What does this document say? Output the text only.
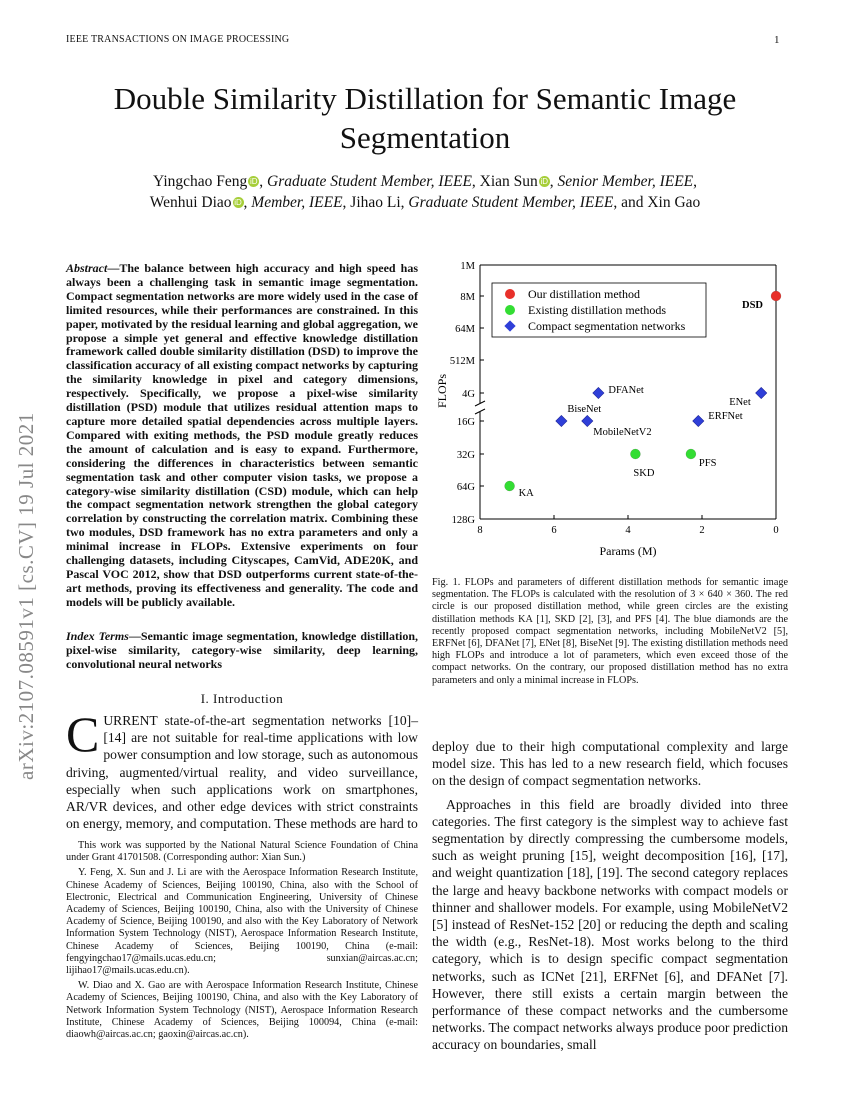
IEEE TRANSACTIONS ON IMAGE PROCESSING	1
Double Similarity Distillation for Semantic Image Segmentation
Yingchao Feng iD , Graduate Student Member, IEEE, Xian Sun iD , Senior Member, IEEE,
Wenhui Diao iD , Member, IEEE, Jihao Li, Graduate Student Member, IEEE, and Xin Gao
arXiv:2107.08591v1 [cs.CV] 19 Jul 2021
Abstract—The balance between high accuracy and high speed has always been a challenging task in semantic image segmentation. Compact segmentation networks are more widely used in the case of limited resources, while their performances are constrained. In this paper, motivated by the residual learning and global aggregation, we propose a simple yet general and effective knowledge distillation framework called double similarity distillation (DSD) to improve the classification accuracy of all existing compact networks by capturing the similarity knowledge in pixel and category dimensions, respectively. Specifically, we propose a pixel-wise similarity distillation (PSD) module that utilizes residual attention maps to capture more detailed spatial dependencies across multiple layers. Compared with exiting methods, the PSD module greatly reduces the amount of calculation and is easy to expand. Furthermore, considering the differences in characteristics between semantic segmentation task and other computer vision tasks, we propose a category-wise similarity distillation (CSD) module, which can help the compact segmentation network strengthen the global category correlation by constructing the correlation matrix. Combining these two modules, DSD framework has no extra parameters and only a minimal increase in FLOPs. Extensive experiments on four challenging datasets, including Cityscapes, CamVid, ADE20K, and Pascal VOC 2012, show that DSD outperforms current state-of-the-art methods, proving its effectiveness and generality. The code and models will be publicly available.
Index Terms—Semantic image segmentation, knowledge distillation, pixel-wise similarity, category-wise similarity, deep learning, convolutional neural networks
I. Introduction
CURRENT state-of-the-art segmentation networks [10]–[14] are not suitable for real-time applications with low power consumption and low storage, such as autonomous driving, augmented/virtual reality, and video surveillance, especially when such applications work on smartphones, AR/VR devices, and other edge devices with strict constraints on energy, memory, and computation. These methods are hard to

This work was supported by the National Natural Science Foundation of China under Grant 41701508. (Corresponding author: Xian Sun.)

Y. Feng, X. Sun and J. Li are with the Aerospace Information Research Institute, Chinese Academy of Sciences, Beijing 100190, China, also with the School of Electronic, Electrical and Communication Engineering, University of Chinese Academy of Sciences, Beijing 100190, China, also with the University of Chinese Academy of Science, Beijing 100190, and also with the Key Laboratory of Network Information System Technology (NIST), Aerospace Information Research Institute, Chinese Academy of Sciences, Beijing 100190, China (e-mail: fengyingchao17@mails.ucas.edu.cn; sunxian@aircas.ac.cn; lijihao17@mails.ucas.edu.cn).

W. Diao and X. Gao are with Aerospace Information Research Institute, Chinese Academy of Sciences, Beijing 100190, China, and also with the Key Laboratory of Network Information System Technology (NIST), Aerospace Information Research Institute, Chinese Academy of Sciences, Beijing 100094, China (e-mail: diaowh@aircas.ac.cn; gaoxin@aircas.ac.cn).

1M
8M
64M
512M
4G
16G
32G
64G
128G
8	6	4	2	0
Params (M)
FLOPs
DSD
KA
SKD
PFS
DFANet
ENet
BiseNet
MobileNetV2
ERFNet
Our distillation method
Existing distillation methods
Compact segmentation networks
Fig. 1. FLOPs and parameters of different distillation methods for semantic image segmentation. The FLOPs is calculated with the resolution of 3 × 640 × 360. The red circle is our proposed distillation method, while green circles are the existing distillation methods KA [1], SKD [2], [3], and PFS [4]. The blue diamonds are the recently proposed compact segmentation networks, including MobileNetV2 [5], ERFNet [6], DFANet [7], ENet [8], BiseNet [9]. The existing distillation methods need high FLOPs and introduce a lot of parameters, which even exceed those of the compact networks. On the contrary, our proposed distillation method has no extra parameters and only a minimal increase in FLOPs.

deploy due to their high computational complexity and large model size. This has led to a new research field, which focuses on the design of compact segmentation networks.

Approaches in this field are broadly divided into three categories. The first category is the simplest way to achieve fast segmentation by directly compressing the cumbersome models, such as weight pruning [15], weight decomposition [16], [17], and weight quantization [18], [19]. The second category replaces the large and heavy backbone networks with compact models or thinner and shallower models. For example, using MobileNetV2 [5] instead of ResNet-152 [20] or reducing the depth and scaling the width (e.g., ResNet-18). Most works belong to the third category, which is to design specific compact segmentation networks, such as ICNet [21], ERFNet [6], and DFANet [7]. However, there still exists a certain margin between the performance of these compact networks and the cumbersome networks. The compact networks always produce poor prediction accuracy on boundaries, small
